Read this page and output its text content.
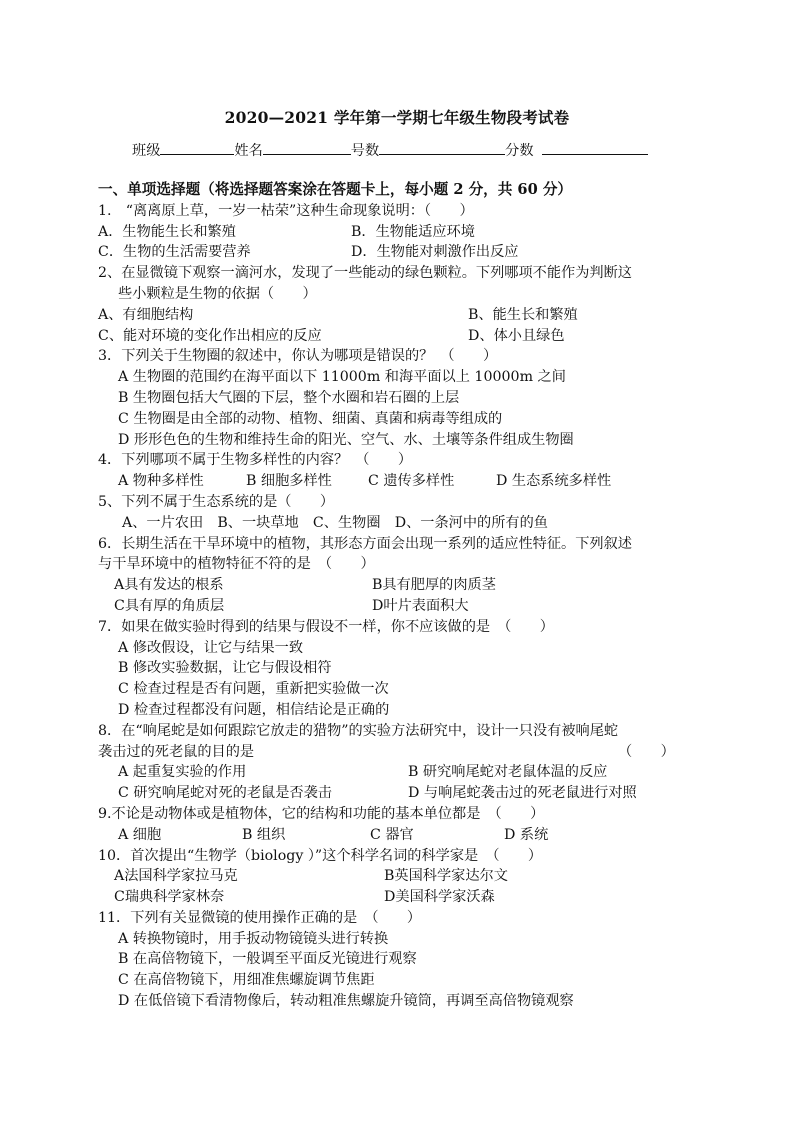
2020—2021 学年第一学期七年级生物段考试卷
班级	姓名	号数	分数
一、单项选择题（将选择题答案涂在答题卡上，每小题 2 分，共 60 分）
1.　“离离原上草，一岁一枯荣”这种生命现象说明：（　　）
A．生物能生长和繁殖	B．生物能适应环境
C．生物的生活需要营养	D．生物能对刺激作出反应
2、在显微镜下观察一滴河水，发现了一些能动的绿色颗粒。下列哪项不能作为判断这
些小颗粒是生物的依据（　　）
A、有细胞结构	B、能生长和繁殖
C、能对环境的变化作出相应的反应	D、体小且绿色
3．下列关于生物圈的叙述中，你认为哪项是错误的？　（　　）
A 生物圈的范围约在海平面以下 11000m 和海平面以上 10000m 之间
B 生物圈包括大气圈的下层，整个水圈和岩石圈的上层
C 生物圈是由全部的动物、植物、细菌、真菌和病毒等组成的
D 形形色色的生物和维持生命的阳光、空气、水、土壤等条件组成生物圈
4．下列哪项不属于生物多样性的内容？　（　　）
A 物种多样性	B 细胞多样性	C 遗传多样性	D 生态系统多样性
5、下列不属于生态系统的是（　　）
A、一片农田　B、一块草地　C、生物圈　D、一条河中的所有的鱼
6．长期生活在干旱环境中的植物，其形态方面会出现一系列的适应性特征。下列叙述
与干旱环境中的植物特征不符的是　（　　）
A具有发达的根系	B具有肥厚的肉质茎
C具有厚的角质层	D叶片表面积大
7．如果在做实验时得到的结果与假设不一样，你不应该做的是　（　　）
A 修改假设，让它与结果一致
B 修改实验数据，让它与假设相符
C 检查过程是否有问题，重新把实验做一次
D 检查过程都没有问题，相信结论是正确的
8．在“响尾蛇是如何跟踪它放走的猎物”的实验方法研究中，设计一只没有被响尾蛇
袭击过的死老鼠的目的是	（　　）
A 起重复实验的作用	B 研究响尾蛇对老鼠体温的反应
C 研究响尾蛇对死的老鼠是否袭击	D 与响尾蛇袭击过的死老鼠进行对照
9.不论是动物体或是植物体，它的结构和功能的基本单位都是　（　　）
A 细胞	B 组织	C 器官	D 系统
10．首次提出“生物学（biology ）”这个科学名词的科学家是　（　　）
A法国科学家拉马克	B英国科学家达尔文
C瑞典科学家林奈	D美国科学家沃森
11．下列有关显微镜的使用操作正确的是　（　　）
A 转换物镜时，用手扳动物镜镜头进行转换
B 在高倍物镜下，一般调至平面反光镜进行观察
C 在高倍物镜下，用细准焦螺旋调节焦距
D 在低倍镜下看清物像后，转动粗准焦螺旋升镜筒，再调至高倍物镜观察
